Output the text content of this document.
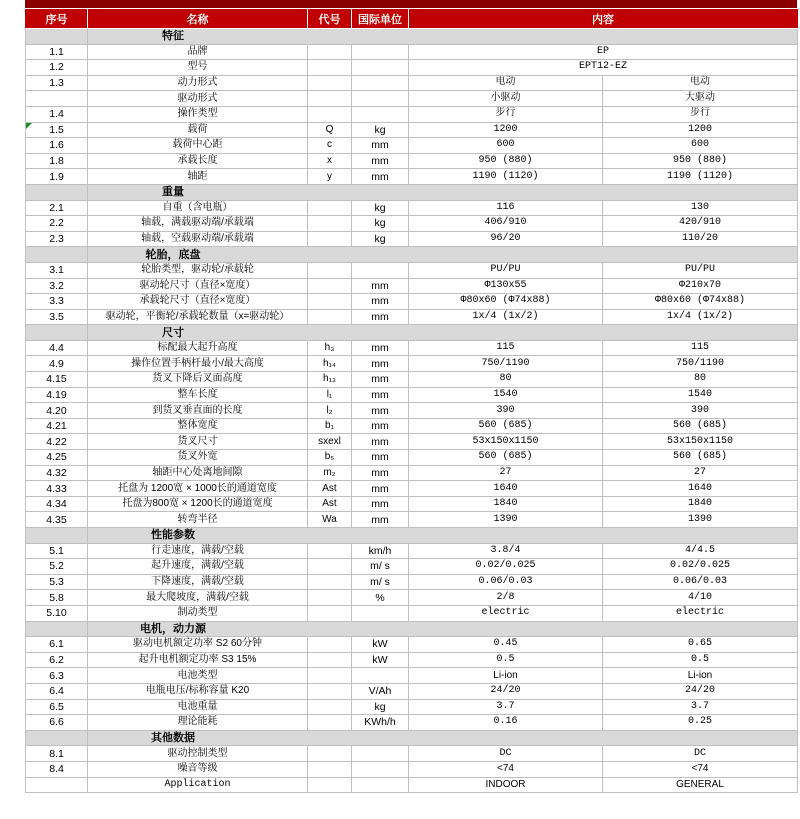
序号	名称	代号	国际单位	内容	

	特征				

1.1	品牌			EP	
1.2	型号			EPT12-EZ	
1.3	动力形式			电动	电动
	驱动形式			小驱动	大驱动
1.4	操作类型			步行	步行

1.5	载荷	Q	kg	1200	1200
1.6	载荷中心距	c	mm	600	600
1.8	承载长度	x	mm	950 (880)	950 (880)
1.9	轴距	y	mm	1190 (1120)	1190 (1120)

	重量				

2.1	自重（含电瓶）		kg	116	130
2.2	轴载，满载驱动端/承载端		kg	406/910	420/910
2.3	轴载，空载驱动端/承载端		kg	96/20	110/20

	轮胎，底盘				

3.1	轮胎类型，驱动轮/承载轮			PU/PU	PU/PU
3.2	驱动轮尺寸（直径×宽度）		mm	Φ130x55	Φ210x70
3.3	承载轮尺寸（直径×宽度）		mm	Φ80x60 (Φ74x88)	Φ80x60 (Φ74x88)
3.5	驱动轮，平衡轮/承载轮数量（x=驱动轮）		mm	1x/4 (1x/2)	1x/4 (1x/2)

	尺寸				

4.4	标配最大起升高度	h₃	mm	115	115
4.9	操作位置手柄杆最小/最大高度	h₁₄	mm	750/1190	750/1190
4.15	货叉下降后叉面高度	h₁₃	mm	80	80
4.19	整车长度	l₁	mm	1540	1540
4.20	到货叉垂直面的长度	l₂	mm	390	390
4.21	整体宽度	b₁	mm	560 (685)	560 (685)
4.22	货叉尺寸	sxexl	mm	53x150x1150	53x150x1150
4.25	货叉外宽	b₅	mm	560 (685)	560 (685)
4.32	轴距中心处离地间隙	m₂	mm	27	27
4.33	托盘为 1200宽 × 1000长的通道宽度	Ast	mm	1640	1640
4.34	托盘为800宽 × 1200长的通道宽度	Ast	mm	1840	1840
4.35	转弯半径	Wa	mm	1390	1390

	性能参数				

5.1	行走速度，满载/空载		km/h	3.8/4	4/4.5
5.2	起升速度，满载/空载		m/ s	0.02/0.025	0.02/0.025
5.3	下降速度，满载/空载		m/ s	0.06/0.03	0.06/0.03
5.8	最大爬坡度，满载/空载		%	2/8	4/10
5.10	制动类型			electric	electric

	电机，动力源				

6.1	驱动电机额定功率 S2 60分钟		kW	0.45	0.65
6.2	起升电机额定功率 S3 15%		kW	0.5	0.5
6.3	电池类型			Li-ion	Li-ion
6.4	电瓶电压/标称容量 K20		V/Ah	24/20	24/20
6.5	电池重量		kg	3.7	3.7
6.6	理论能耗		KWh/h	0.16	0.25

	其他数据				

8.1	驱动控制类型			DC	DC
8.4	噪音等级			<74	<74
	Application			INDOOR	GENERAL
